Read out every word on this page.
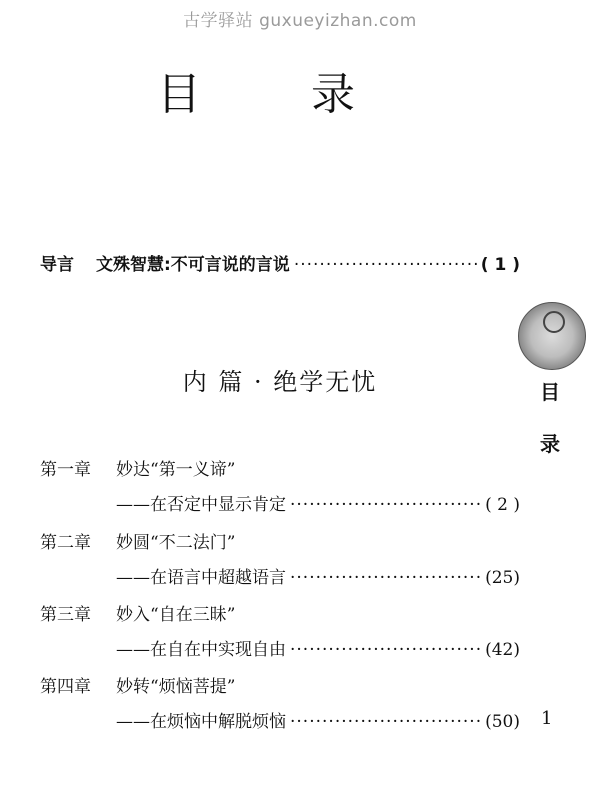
古学驿站 guxueyizhan.com
目 录
导言 文殊智慧:不可言说的言说 ·····	( 1 )
内 篇 · 绝学无忧
第一章 妙达“第一义谛”
——在否定中显示肯定 ·····	( 2 )
第二章 妙圆“不二法门”
——在语言中超越语言 ·····	(25)
第三章 妙入“自在三昧”
——在自在中实现自由 ·····	(42)
第四章 妙转“烦恼菩提”
——在烦恼中解脱烦恼 ·····	(50)
目
录
1
